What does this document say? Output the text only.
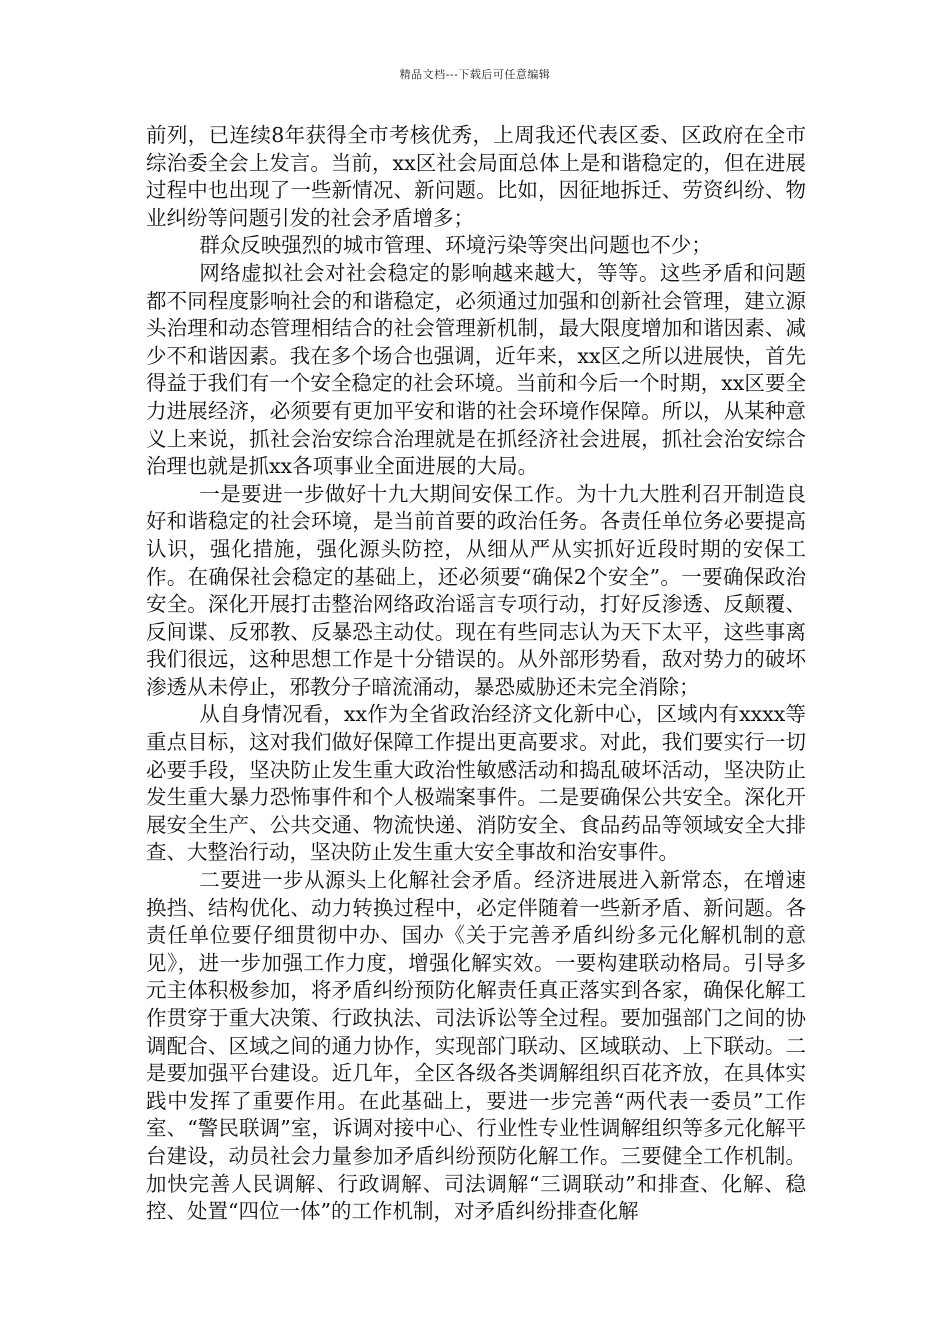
精品文档---下载后可任意编辑

前列，已连续8年获得全市考核优秀，上周我还代表区委、区政府在全市综治委全会上发言。当前，xx区社会局面总体上是和谐稳定的，但在进展过程中也出现了一些新情况、新问题。比如，因征地拆迁、劳资纠纷、物业纠纷等问题引发的社会矛盾增多；

群众反映强烈的城市管理、环境污染等突出问题也不少；

网络虚拟社会对社会稳定的影响越来越大，等等。这些矛盾和问题都不同程度影响社会的和谐稳定，必须通过加强和创新社会管理，建立源头治理和动态管理相结合的社会管理新机制，最大限度增加和谐因素、减少不和谐因素。我在多个场合也强调，近年来，xx区之所以进展快，首先得益于我们有一个安全稳定的社会环境。当前和今后一个时期，xx区要全力进展经济，必须要有更加平安和谐的社会环境作保障。所以，从某种意义上来说，抓社会治安综合治理就是在抓经济社会进展，抓社会治安综合治理也就是抓xx各项事业全面进展的大局。

一是要进一步做好十九大期间安保工作。为十九大胜利召开制造良好和谐稳定的社会环境，是当前首要的政治任务。各责任单位务必要提高认识，强化措施，强化源头防控，从细从严从实抓好近段时期的安保工作。在确保社会稳定的基础上，还必须要“确保2个安全”。一要确保政治安全。深化开展打击整治网络政治谣言专项行动，打好反渗透、反颠覆、反间谍、反邪教、反暴恐主动仗。现在有些同志认为天下太平，这些事离我们很远，这种思想工作是十分错误的。从外部形势看，敌对势力的破坏渗透从未停止，邪教分子暗流涌动，暴恐威胁还未完全消除；

从自身情况看，xx作为全省政治经济文化新中心，区域内有xxxx等重点目标，这对我们做好保障工作提出更高要求。对此，我们要实行一切必要手段，坚决防止发生重大政治性敏感活动和捣乱破坏活动，坚决防止发生重大暴力恐怖事件和个人极端案事件。二是要确保公共安全。深化开展安全生产、公共交通、物流快递、消防安全、食品药品等领域安全大排查、大整治行动，坚决防止发生重大安全事故和治安事件。

二要进一步从源头上化解社会矛盾。经济进展进入新常态，在增速换挡、结构优化、动力转换过程中，必定伴随着一些新矛盾、新问题。各责任单位要仔细贯彻中办、国办《关于完善矛盾纠纷多元化解机制的意见》，进一步加强工作力度，增强化解实效。一要构建联动格局。引导多元主体积极参加，将矛盾纠纷预防化解责任真正落实到各家，确保化解工作贯穿于重大决策、行政执法、司法诉讼等全过程。要加强部门之间的协调配合、区域之间的通力协作，实现部门联动、区域联动、上下联动。二是要加强平台建设。近几年，全区各级各类调解组织百花齐放，在具体实践中发挥了重要作用。在此基础上，要进一步完善“两代表一委员”工作室、“警民联调”室，诉调对接中心、行业性专业性调解组织等多元化解平台建设，动员社会力量参加矛盾纠纷预防化解工作。三要健全工作机制。加快完善人民调解、行政调解、司法调解“三调联动”和排查、化解、稳控、处置“四位一体”的工作机制，对矛盾纠纷排查化解
